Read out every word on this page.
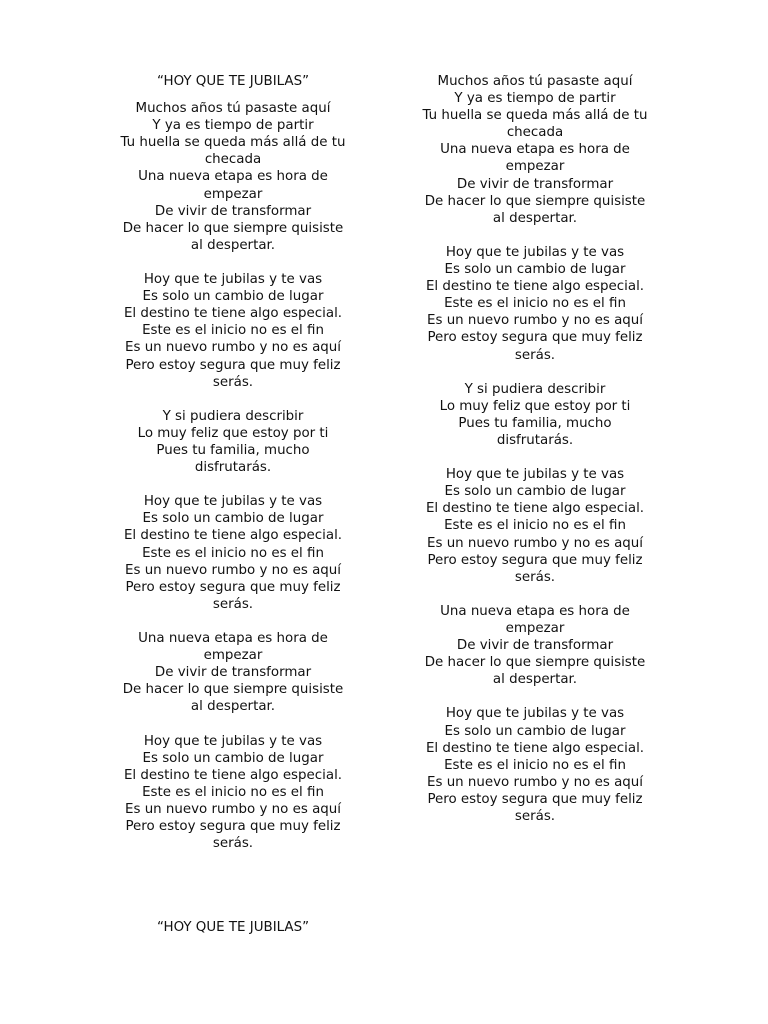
“HOY QUE TE JUBILAS”
Muchos años tú pasaste aquí
Y ya es tiempo de partir
Tu huella se queda más allá de tu
checada
Una nueva etapa es hora de
empezar
De vivir de transformar
De hacer lo que siempre quisiste
al despertar.
Hoy que te jubilas y te vas
Es solo un cambio de lugar
El destino te tiene algo especial.
Este es el inicio no es el fin
Es un nuevo rumbo y no es aquí
Pero estoy segura que muy feliz
serás.
Y si pudiera describir
Lo muy feliz que estoy por ti
Pues tu familia, mucho
disfrutarás.
Hoy que te jubilas y te vas
Es solo un cambio de lugar
El destino te tiene algo especial.
Este es el inicio no es el fin
Es un nuevo rumbo y no es aquí
Pero estoy segura que muy feliz
serás.
Una nueva etapa es hora de
empezar
De vivir de transformar
De hacer lo que siempre quisiste
al despertar.
Hoy que te jubilas y te vas
Es solo un cambio de lugar
El destino te tiene algo especial.
Este es el inicio no es el fin
Es un nuevo rumbo y no es aquí
Pero estoy segura que muy feliz
serás.
Muchos años tú pasaste aquí
Y ya es tiempo de partir
Tu huella se queda más allá de tu
checada
Una nueva etapa es hora de
empezar
De vivir de transformar
De hacer lo que siempre quisiste
al despertar.
Hoy que te jubilas y te vas
Es solo un cambio de lugar
El destino te tiene algo especial.
Este es el inicio no es el fin
Es un nuevo rumbo y no es aquí
Pero estoy segura que muy feliz
serás.
Y si pudiera describir
Lo muy feliz que estoy por ti
Pues tu familia, mucho
disfrutarás.
Hoy que te jubilas y te vas
Es solo un cambio de lugar
El destino te tiene algo especial.
Este es el inicio no es el fin
Es un nuevo rumbo y no es aquí
Pero estoy segura que muy feliz
serás.
Una nueva etapa es hora de
empezar
De vivir de transformar
De hacer lo que siempre quisiste
al despertar.
Hoy que te jubilas y te vas
Es solo un cambio de lugar
El destino te tiene algo especial.
Este es el inicio no es el fin
Es un nuevo rumbo y no es aquí
Pero estoy segura que muy feliz
serás.
“HOY QUE TE JUBILAS”
